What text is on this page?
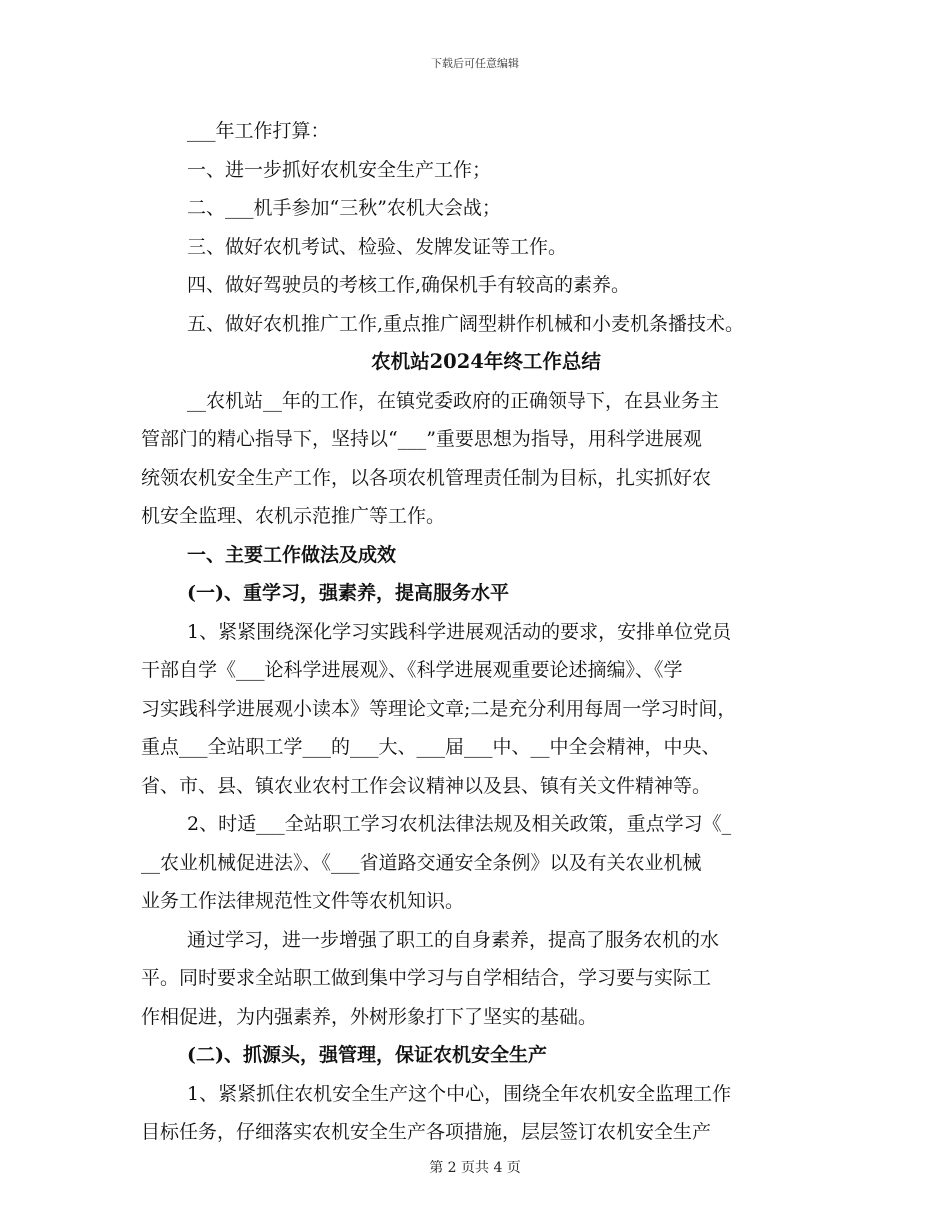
下载后可任意编辑
___年工作打算：
一、进一步抓好农机安全生产工作；
二、___机手参加“三秋”农机大会战；
三、做好农机考试、检验、发牌发证等工作。
四、做好驾驶员的考核工作,确保机手有较高的素养。
五、做好农机推广工作,重点推广阔型耕作机械和小麦机条播技术。
农机站2024年终工作总结
__农机站__年的工作，在镇党委政府的正确领导下，在县业务主
管部门的精心指导下，坚持以“___”重要思想为指导，用科学进展观
统领农机安全生产工作，以各项农机管理责任制为目标，扎实抓好农
机安全监理、农机示范推广等工作。
一、主要工作做法及成效
(一)、重学习，强素养，提高服务水平
1、紧紧围绕深化学习实践科学进展观活动的要求，安排单位党员
干部自学《___论科学进展观》、《科学进展观重要论述摘编》、《学
习实践科学进展观小读本》等理论文章;二是充分利用每周一学习时间，
重点___全站职工学___的___大、___届___中、__中全会精神，中央、
省、市、县、镇农业农村工作会议精神以及县、镇有关文件精神等。
2、时适___全站职工学习农机法律法规及相关政策，重点学习《_
__农业机械促进法》、《___省道路交通安全条例》以及有关农业机械
业务工作法律规范性文件等农机知识。
通过学习，进一步增强了职工的自身素养，提高了服务农机的水
平。同时要求全站职工做到集中学习与自学相结合，学习要与实际工
作相促进，为内强素养，外树形象打下了坚实的基础。
(二)、抓源头，强管理，保证农机安全生产
1、紧紧抓住农机安全生产这个中心，围绕全年农机安全监理工作
目标任务，仔细落实农机安全生产各项措施，层层签订农机安全生产
第 2 页共 4 页
